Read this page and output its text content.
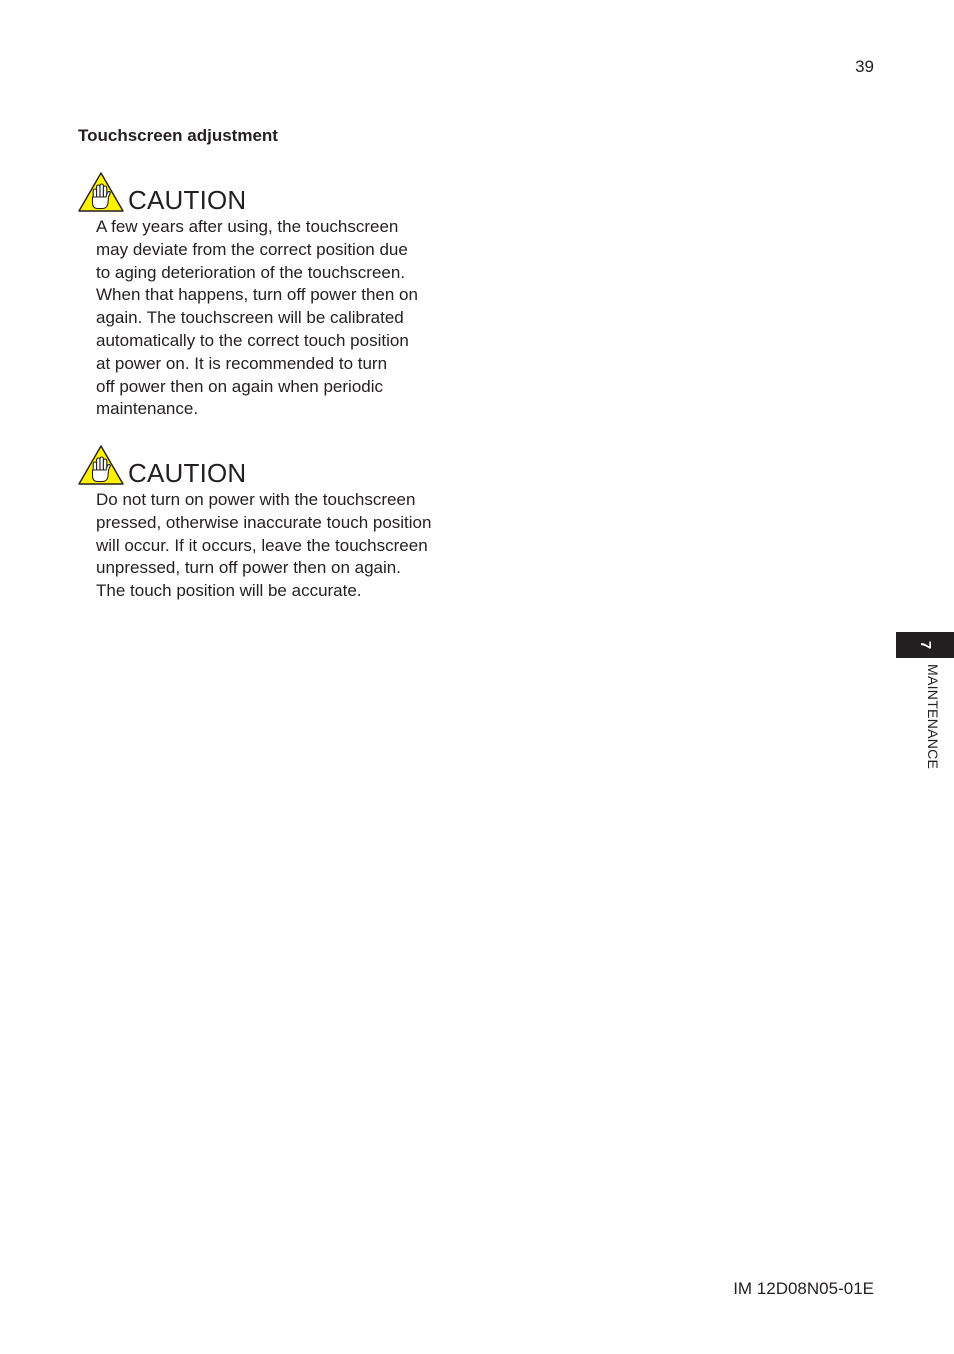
39
Touchscreen adjustment
CAUTION

A few years after using, the touchscreen
may deviate from the correct position due
to aging deterioration of the touchscreen.
When that happens, turn off power then on
again. The touchscreen will be calibrated
automatically to the correct touch position
at power on. It is recommended to turn
off power then on again when periodic
maintenance.

CAUTION

Do not turn on power with the touchscreen
pressed, otherwise inaccurate touch position
will occur. If it occurs, leave the touchscreen
unpressed, turn off power then on again.
The touch position will be accurate.

7
MAINTENANCE
IM 12D08N05-01E
